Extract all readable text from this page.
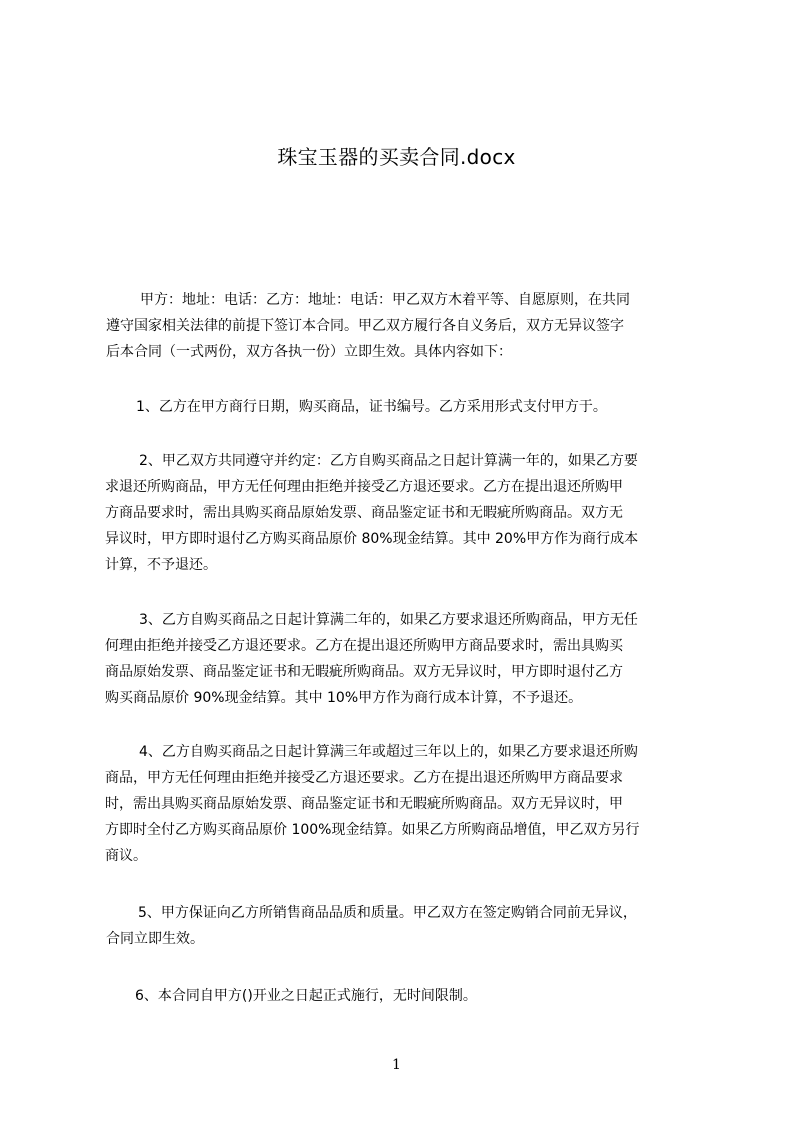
珠宝玉器的买卖合同.docx
甲方：地址：电话：乙方：地址：电话：甲乙双方木着平等、自愿原则，在共同
遵守国家相关法律的前提下签订本合同。甲乙双方履行各自义务后，双方无异议签字
后本合同（一式两份，双方各执一份）立即生效。具体内容如下：
1、乙方在甲方商行日期，购买商品，证书编号。乙方采用形式支付甲方于。
2、甲乙双方共同遵守并约定：乙方自购买商品之日起计算满一年的，如果乙方要
求退还所购商品，甲方无任何理由拒绝并接受乙方退还要求。乙方在提出退还所购甲
方商品要求时，需出具购买商品原始发票、商品鉴定证书和无暇疵所购商品。双方无
异议时，甲方即时退付乙方购买商品原价 80%现金结算。其中 20%甲方作为商行成本
计算，不予退还。
3、乙方自购买商品之日起计算满二年的，如果乙方要求退还所购商品，甲方无任
何理由拒绝并接受乙方退还要求。乙方在提出退还所购甲方商品要求时，需出具购买
商品原始发票、商品鉴定证书和无暇疵所购商品。双方无异议时，甲方即时退付乙方
购买商品原价 90%现金结算。其中 10%甲方作为商行成本计算，不予退还。
4、乙方自购买商品之日起计算满三年或超过三年以上的，如果乙方要求退还所购
商品，甲方无任何理由拒绝并接受乙方退还要求。乙方在提出退还所购甲方商品要求
时，需出具购买商品原始发票、商品鉴定证书和无暇疵所购商品。双方无异议时，甲
方即时全付乙方购买商品原价 100%现金结算。如果乙方所购商品增值，甲乙双方另行
商议。
5、甲方保证向乙方所销售商品品质和质量。甲乙双方在签定购销合同前无异议，
合同立即生效。
6、本合同自甲方()开业之日起正式施行，无时间限制。
1
